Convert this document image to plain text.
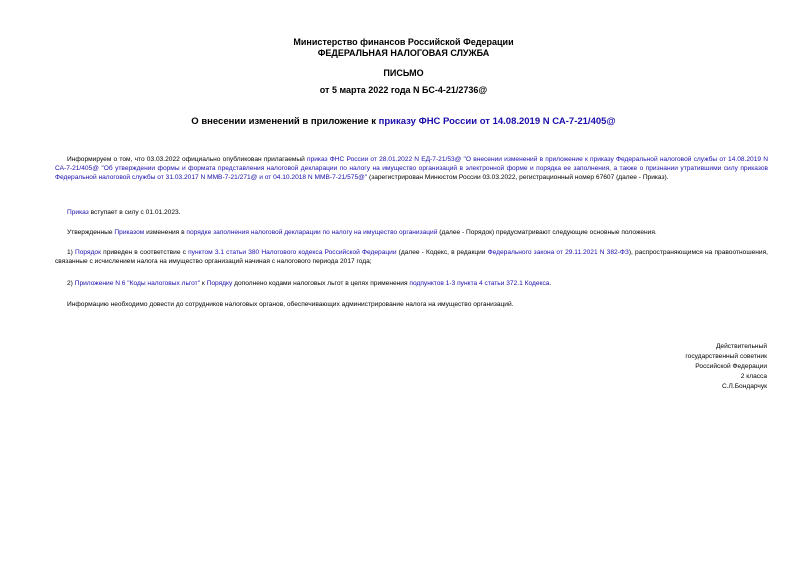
Министерство финансов Российской Федерации
ФЕДЕРАЛЬНАЯ НАЛОГОВАЯ СЛУЖБА
ПИСЬМО
от 5 марта 2022 года N БС-4-21/2736@
О внесении изменений в приложение к приказу ФНС России от 14.08.2019 N СА-7-21/405@

Информируем о том, что 03.03.2022 официально опубликован прилагаемый приказ ФНС России от 28.01.2022 N ЕД-7-21/53@ "О внесении изменений в приложение к приказу Федеральной налоговой службы от 14.08.2019 N СА-7-21/405@ "Об утверждении формы и формата представления налоговой декларации по налогу на имущество организаций в электронной форме и порядка ее заполнения, а также о признании утратившими силу приказов Федеральной налоговой службы от 31.03.2017 N ММВ-7-21/271@ и от 04.10.2018 N ММВ-7-21/575@" (зарегистрирован Минюстом России 03.03.2022, регистрационный номер 67607 (далее - Приказ).

Приказ вступает в силу с 01.01.2023.

Утвержденные Приказом изменения в порядке заполнения налоговой декларации по налогу на имущество организаций (далее - Порядок) предусматривают следующие основные положения.

1) Порядок приведен в соответствие с пунктом 3.1 статьи 380 Налогового кодекса Российской Федерации (далее - Кодекс, в редакции Федерального закона от 29.11.2021 N 382-ФЗ), распространяющимся на правоотношения, связанные с исчислением налога на имущество организаций начиная с налогового периода 2017 года;

2) Приложение N 6 "Коды налоговых льгот" к Порядку дополнено кодами налоговых льгот в целях применения подпунктов 1-3 пункта 4 статьи 372.1 Кодекса.

Информацию необходимо довести до сотрудников налоговых органов, обеспечивающих администрирование налога на имущество организаций.

Действительный
государственный советник
Российской Федерации
2 класса
С.Л.Бондарчук
